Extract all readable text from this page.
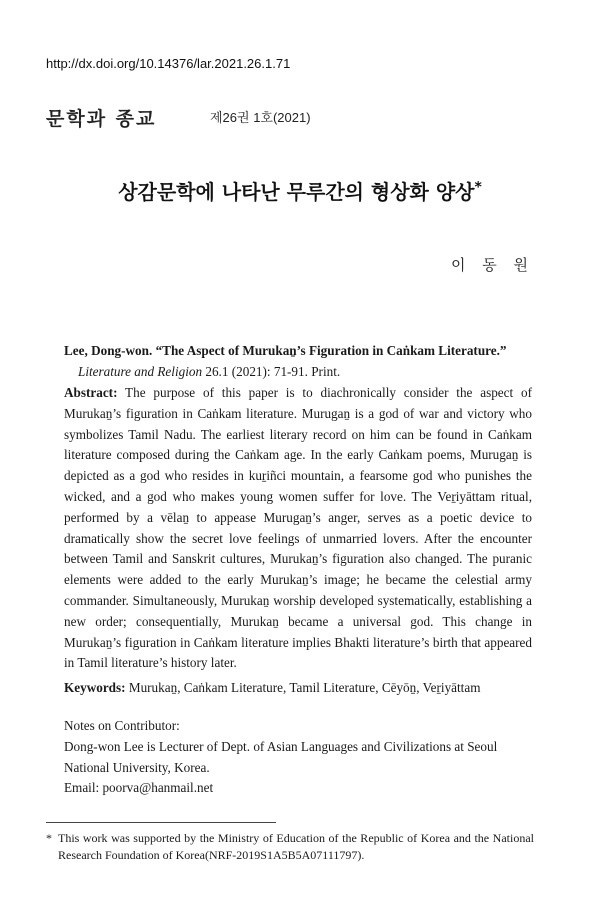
http://dx.doi.org/10.14376/lar.2021.26.1.71
문학과 종교	제26권 1호(2021)
상감문학에 나타난 무루간의 형상화 양상*
이 동 원
Lee, Dong-won. “The Aspect of Murukaṉ’s Figuration in Caṅkam Literature.”
Literature and Religion 26.1 (2021): 71-91. Print.
Abstract: The purpose of this paper is to diachronically consider the aspect of Murukaṉ’s figuration in Caṅkam literature. Muruga‌ṉ is a god of war and victory who symbolizes Tamil Nadu. The earliest literary record on him can be found in Caṅkam literature composed during the Caṅkam age. In the early Caṅkam poems, Muruga‌ṉ is depicted as a god who resides in kuṟiñci mountain, a fearsome god who punishes the wicked, and a god who makes young women suffer for love. The Veṟiyāttam ritual, performed by a vēlaṉ to appease Murugaṉ’s anger, serves as a poetic device to dramatically show the secret love feelings of unmarried lovers. After the encounter between Tamil and Sanskrit cultures, Murukaṉ’s figuration also changed. The puranic elements were added to the early Murukaṉ’s image; he became the celestial army commander. Simultaneously, Murukaṉ worship developed systematically, establishing a new order; consequentially, Murukaṉ became a universal god. This change in Murukaṉ’s figuration in Caṅkam literature implies Bhakti literature’s birth that appeared in Tamil literature’s history later.
Keywords: Murukaṉ, Caṅkam Literature, Tamil Literature, Cēyōṉ, Veṟiyāttam
Notes on Contributor:
Dong-won Lee is Lecturer of Dept. of Asian Languages and Civilizations at Seoul
National University, Korea.
Email: poorva@hanmail.net
* This work was supported by the Ministry of Education of the Republic of Korea and the National Research Foundation of Korea(NRF-2019S1A5B5A07111797).
